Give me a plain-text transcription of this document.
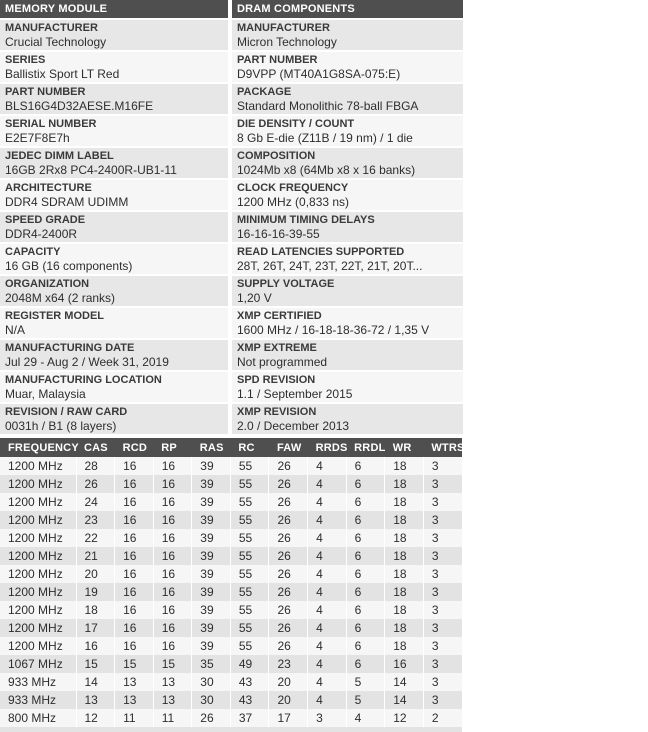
MEMORY MODULE
MANUFACTURER
Crucial Technology
SERIES
Ballistix Sport LT Red
PART NUMBER
BLS16G4D32AESE.M16FE
SERIAL NUMBER
E2E7F8E7h
JEDEC DIMM LABEL
16GB 2Rx8 PC4-2400R-UB1-11
ARCHITECTURE
DDR4 SDRAM UDIMM
SPEED GRADE
DDR4-2400R
CAPACITY
16 GB (16 components)
ORGANIZATION
2048M x64 (2 ranks)
REGISTER MODEL
N/A
MANUFACTURING DATE
Jul 29 - Aug 2 / Week 31, 2019
MANUFACTURING LOCATION
Muar, Malaysia
REVISION / RAW CARD
0031h / B1 (8 layers)
DRAM COMPONENTS
MANUFACTURER
Micron Technology
PART NUMBER
D9VPP (MT40A1G8SA-075:E)
PACKAGE
Standard Monolithic 78-ball FBGA
DIE DENSITY / COUNT
8 Gb E-die (Z11B / 19 nm) / 1 die
COMPOSITION
1024Mb x8 (64Mb x8 x 16 banks)
CLOCK FREQUENCY
1200 MHz (0,833 ns)
MINIMUM TIMING DELAYS
16-16-16-39-55
READ LATENCIES SUPPORTED
28T, 26T, 24T, 23T, 22T, 21T, 20T...
SUPPLY VOLTAGE
1,20 V
XMP CERTIFIED
1600 MHz / 16-18-18-36-72 / 1,35 V
XMP EXTREME
Not programmed
SPD REVISION
1.1 / September 2015
XMP REVISION
2.0 / December 2013
FREQUENCY	CAS	RCD	RP	RAS	RC	FAW	RRDS	RRDL	WR	WTRS
1200 MHz	28	16	16	39	55	26	4	6	18	3
1200 MHz	26	16	16	39	55	26	4	6	18	3
1200 MHz	24	16	16	39	55	26	4	6	18	3
1200 MHz	23	16	16	39	55	26	4	6	18	3
1200 MHz	22	16	16	39	55	26	4	6	18	3
1200 MHz	21	16	16	39	55	26	4	6	18	3
1200 MHz	20	16	16	39	55	26	4	6	18	3
1200 MHz	19	16	16	39	55	26	4	6	18	3
1200 MHz	18	16	16	39	55	26	4	6	18	3
1200 MHz	17	16	16	39	55	26	4	6	18	3
1200 MHz	16	16	16	39	55	26	4	6	18	3
1067 MHz	15	15	15	35	49	23	4	6	16	3
933 MHz	14	13	13	30	43	20	4	5	14	3
933 MHz	13	13	13	30	43	20	4	5	14	3
800 MHz	12	11	11	26	37	17	3	4	12	2
